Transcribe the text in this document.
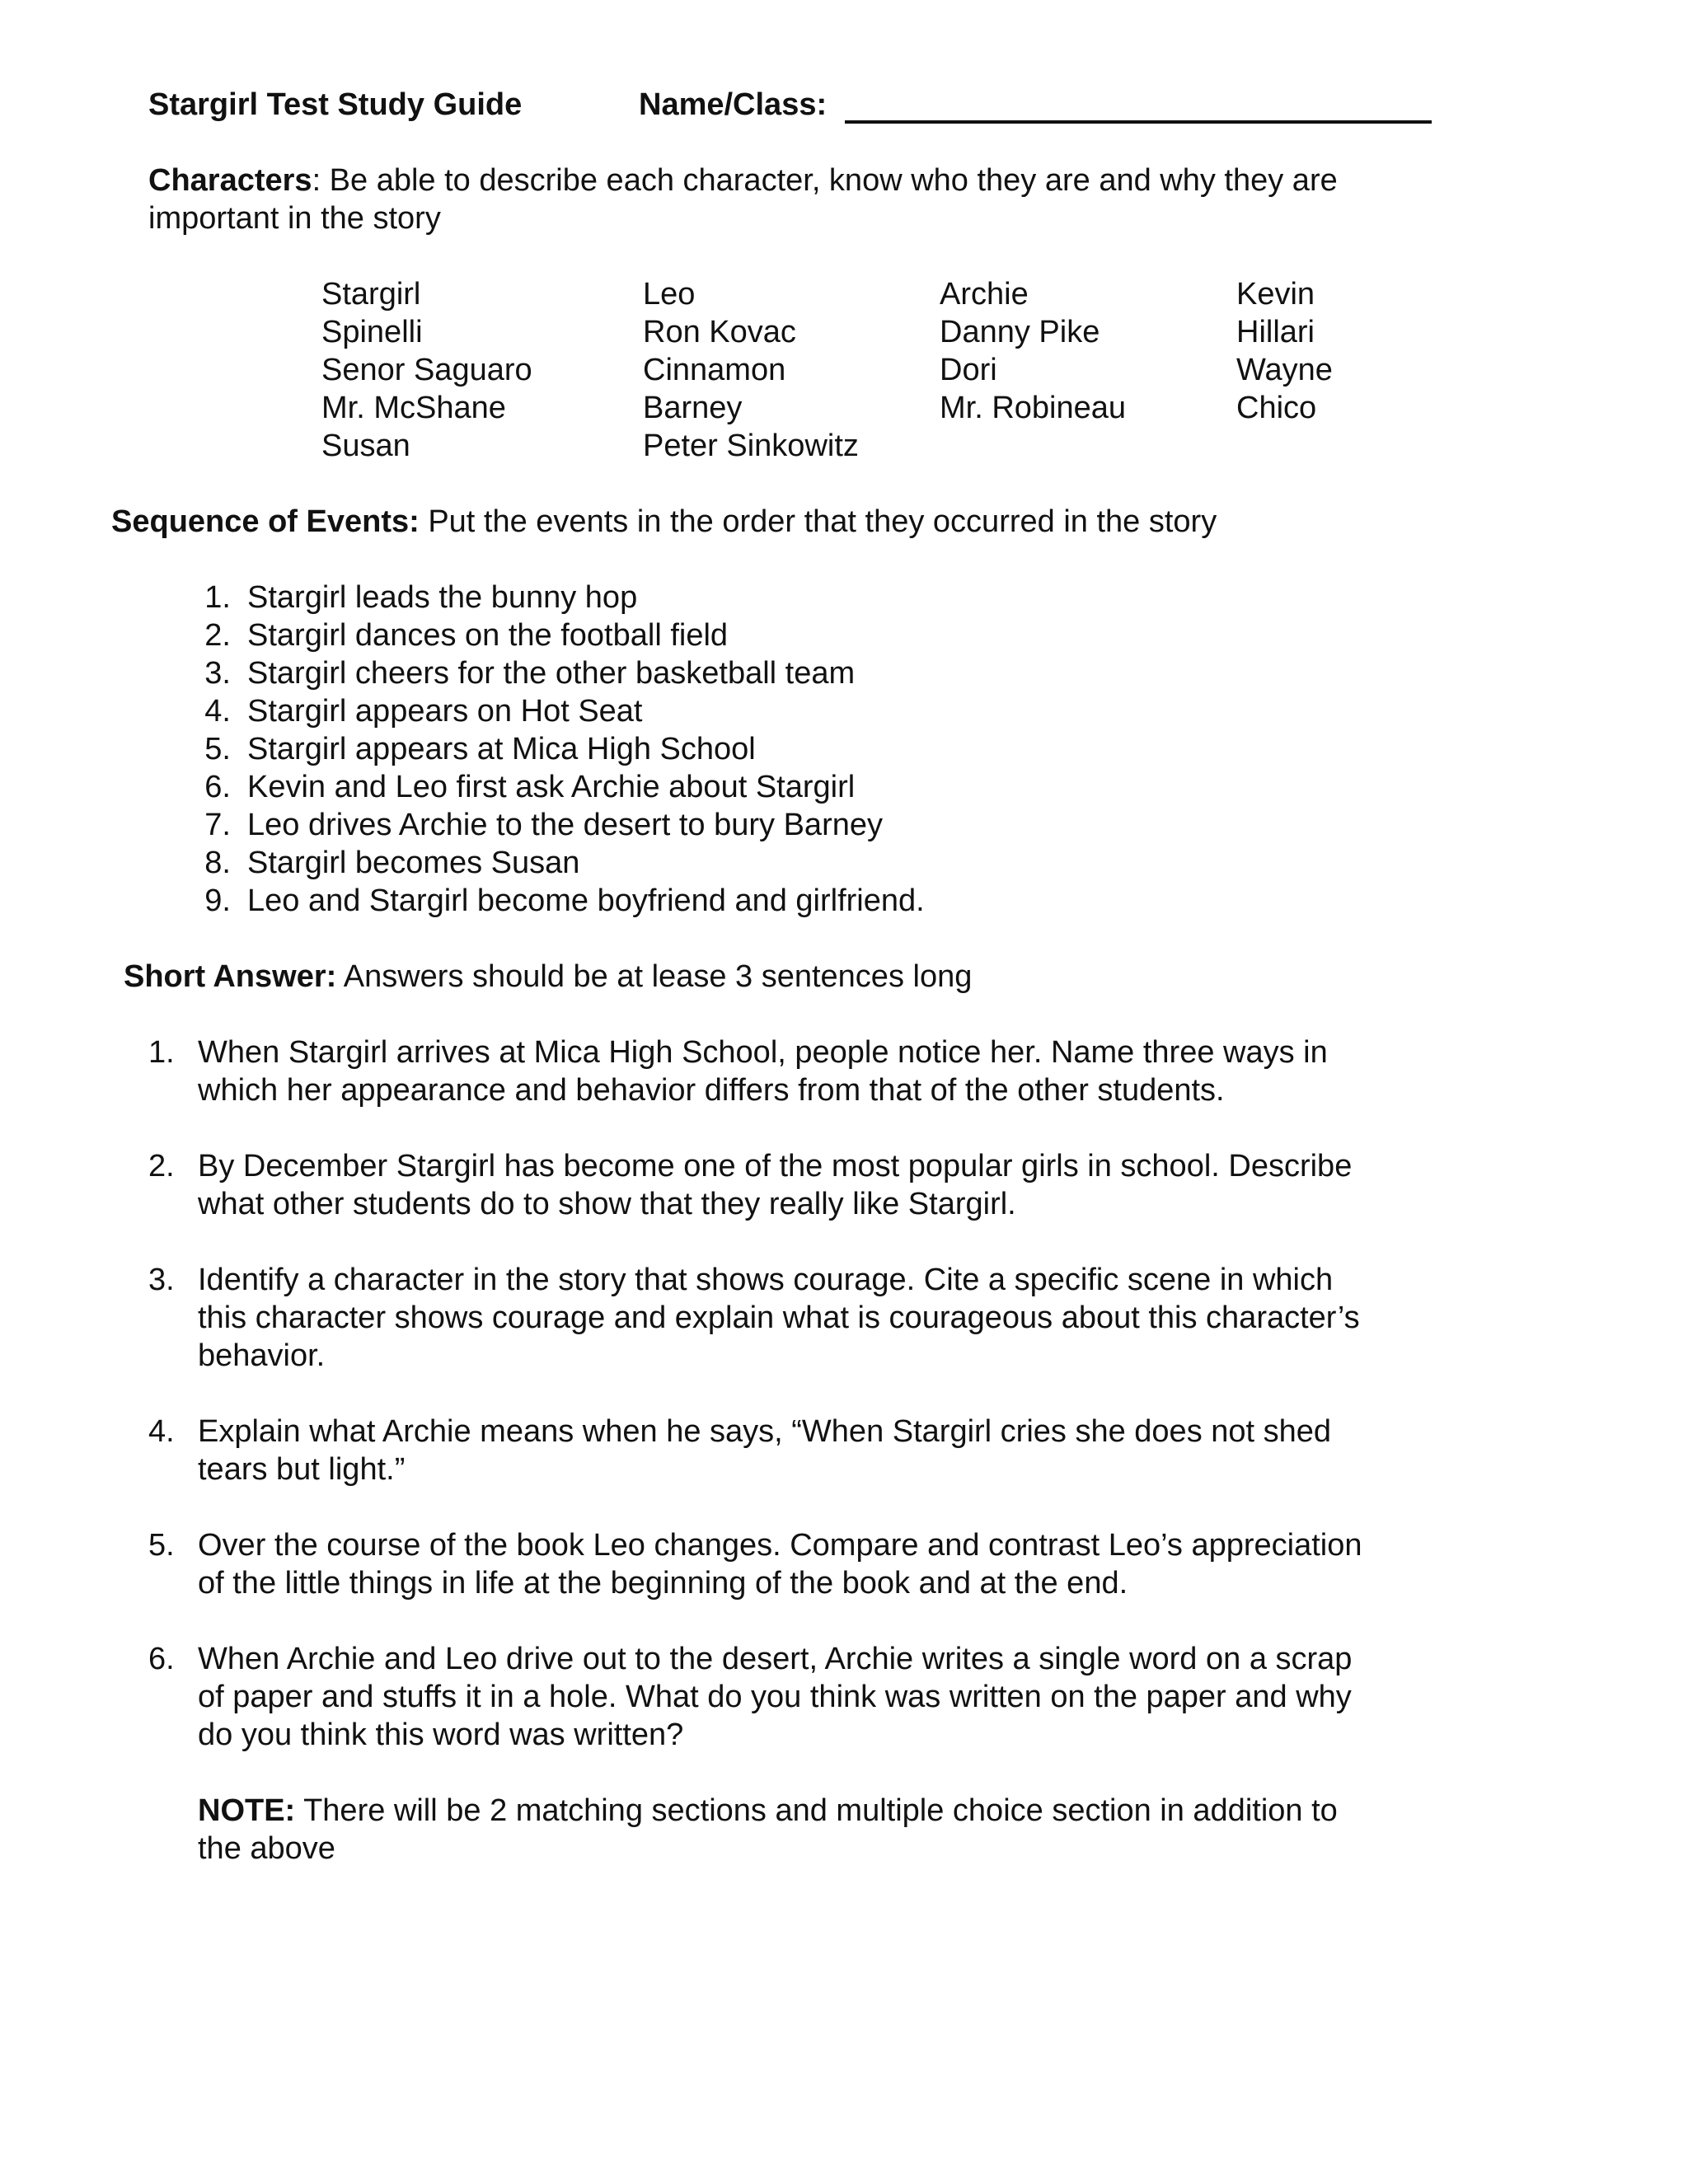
Stargirl Test Study Guide	Name/Class:
Characters: Be able to describe each character, know who they are and why they are important in the story
Stargirl
Spinelli
Senor Saguaro
Mr. McShane
Susan
Leo
Ron Kovac
Cinnamon
Barney
Peter Sinkowitz
Archie
Danny Pike
Dori
Mr. Robineau
Kevin
Hillari
Wayne
Chico
Sequence of Events: Put the events in the order that they occurred in the story
1. Stargirl leads the bunny hop
2. Stargirl dances on the football field
3. Stargirl cheers for the other basketball team
4. Stargirl appears on Hot Seat
5. Stargirl appears at Mica High School
6. Kevin and Leo first ask Archie about Stargirl
7. Leo drives Archie to the desert to bury Barney
8. Stargirl becomes Susan
9. Leo and Stargirl become boyfriend and girlfriend.
Short Answer: Answers should be at lease 3 sentences long
1. When Stargirl arrives at Mica High School, people notice her. Name three ways in
which her appearance and behavior differs from that of the other students.
2. By December Stargirl has become one of the most popular girls in school. Describe
what other students do to show that they really like Stargirl.
3. Identify a character in the story that shows courage. Cite a specific scene in which
this character shows courage and explain what is courageous about this character’s
behavior.
4. Explain what Archie means when he says, “When Stargirl cries she does not shed
tears but light.”
5. Over the course of the book Leo changes. Compare and contrast Leo’s appreciation
of the little things in life at the beginning of the book and at the end.
6. When Archie and Leo drive out to the desert, Archie writes a single word on a scrap
of paper and stuffs it in a hole. What do you think was written on the paper and why
do you think this word was written?
NOTE: There will be 2 matching sections and multiple choice section in addition to
the above
